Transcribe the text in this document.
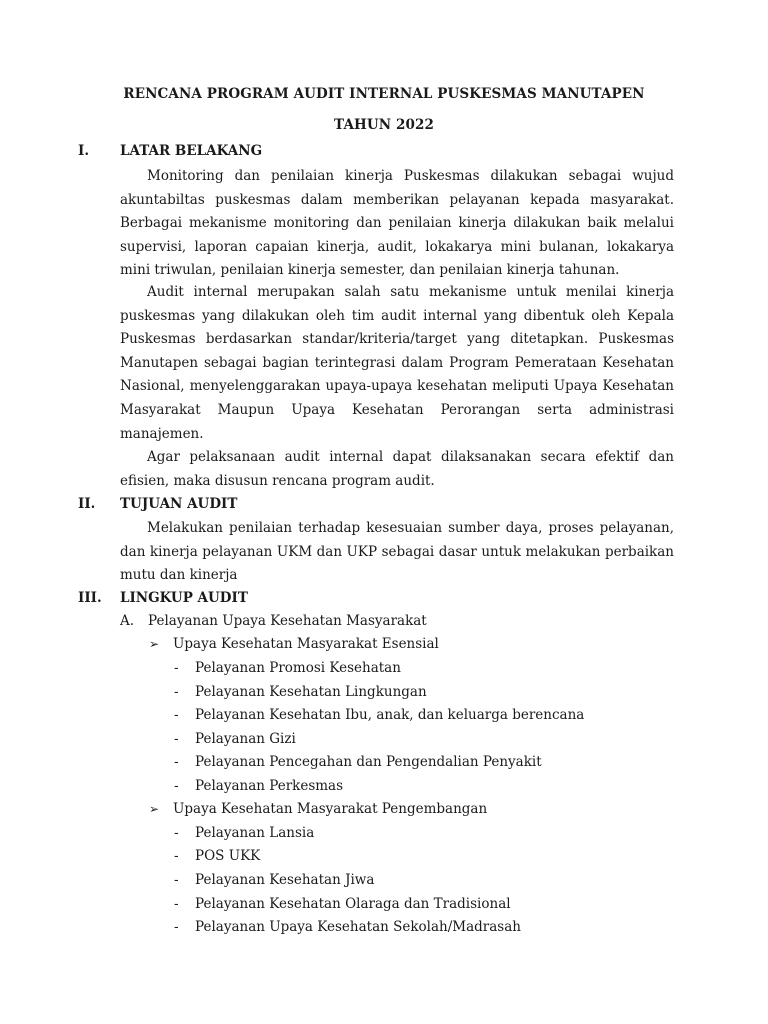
RENCANA PROGRAM AUDIT INTERNAL PUSKESMAS MANUTAPEN
TAHUN 2022
I. LATAR BELAKANG

Monitoring dan penilaian kinerja Puskesmas dilakukan sebagai wujud akuntabiltas puskesmas dalam memberikan pelayanan kepada masyarakat. Berbagai mekanisme monitoring dan penilaian kinerja dilakukan baik melalui supervisi, laporan capaian kinerja, audit, lokakarya mini bulanan, lokakarya mini triwulan, penilaian kinerja semester, dan penilaian kinerja tahunan.

Audit internal merupakan salah satu mekanisme untuk menilai kinerja puskesmas yang dilakukan oleh tim audit internal yang dibentuk oleh Kepala Puskesmas berdasarkan standar/kriteria/target yang ditetapkan. Puskesmas Manutapen sebagai bagian terintegrasi dalam Program Pemerataan Kesehatan Nasional, menyelenggarakan upaya-upaya kesehatan meliputi Upaya Kesehatan Masyarakat Maupun Upaya Kesehatan Perorangan serta administrasi manajemen.

Agar pelaksanaan audit internal dapat dilaksanakan secara efektif dan efisien, maka disusun rencana program audit.

II. TUJUAN AUDIT

Melakukan penilaian terhadap kesesuaian sumber daya, proses pelayanan, dan kinerja pelayanan UKM dan UKP sebagai dasar untuk melakukan perbaikan mutu dan kinerja

III. LINGKUP AUDIT
A. Pelayanan Upaya Kesehatan Masyarakat
➢ Upaya Kesehatan Masyarakat Esensial
- Pelayanan Promosi Kesehatan
- Pelayanan Kesehatan Lingkungan
- Pelayanan Kesehatan Ibu, anak, dan keluarga berencana
- Pelayanan Gizi
- Pelayanan Pencegahan dan Pengendalian Penyakit
- Pelayanan Perkesmas
➢ Upaya Kesehatan Masyarakat Pengembangan
- Pelayanan Lansia
- POS UKK
- Pelayanan Kesehatan Jiwa
- Pelayanan Kesehatan Olaraga dan Tradisional
- Pelayanan Upaya Kesehatan Sekolah/Madrasah
